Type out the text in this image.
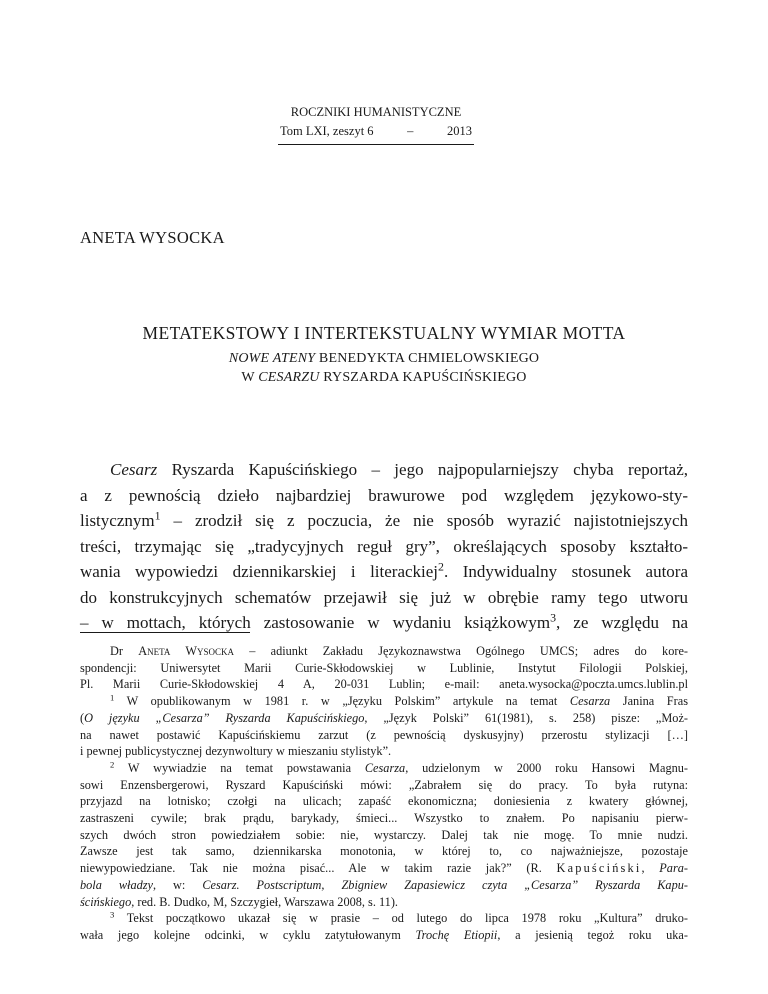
ROCZNIKI HUMANISTYCZNE
Tom LXI, zeszyt 6	–	2013
ANETA WYSOCKA
METATEKSTOWY I INTERTEKSTUALNY WYMIAR MOTTA
NOWE ATENY BENEDYKTA CHMIELOWSKIEGO
W CESARZU RYSZARDA KAPUŚCIŃSKIEGO
Cesarz Ryszarda Kapuścińskiego – jego najpopularniejszy chyba reportaż,
a z pewnością dzieło najbardziej brawurowe pod względem językowo-sty-
listycznym$^1$ – zrodził się z poczucia, że nie sposób wyrazić najistotniejszych
treści, trzymając się „tradycyjnych reguł gry”, określających sposoby kształto-
wania wypowiedzi dziennikarskiej i literackiej$^2$. Indywidualny stosunek autora
do konstrukcyjnych schematów przejawił się już w obrębie ramy tego utworu
– w mottach, których zastosowanie w wydaniu książkowym$^3$, ze względu na
Dr Aneta Wysocka – adiunkt Zakładu Językoznawstwa Ogólnego UMCS; adres do kore-
spondencji: Uniwersytet Marii Curie-Skłodowskiej w Lublinie, Instytut Filologii Polskiej,
Pl. Marii Curie-Skłodowskiej 4 A, 20-031 Lublin; e-mail: aneta.wysocka@poczta.umcs.lublin.pl
$^1$ W opublikowanym w 1981 r. w „Języku Polskim” artykule na temat Cesarza Janina Fras
(O języku „Cesarza” Ryszarda Kapuścińskiego, „Język Polski” 61(1981), s. 258) pisze: „Moż-
na nawet postawić Kapuścińskiemu zarzut (z pewnością dyskusyjny) przerostu stylizacji […]
i pewnej publicystycznej dezynwoltury w mieszaniu stylistyk”.
$^2$ W wywiadzie na temat powstawania Cesarza, udzielonym w 2000 roku Hansowi Magnu-
sowi Enzensbergerowi, Ryszard Kapuściński mówi: „Zabrałem się do pracy. To była rutyna:
przyjazd na lotnisko; czołgi na ulicach; zapaść ekonomiczna; doniesienia z kwatery głównej,
zastraszeni cywile; brak prądu, barykady, śmieci... Wszystko to znałem. Po napisaniu pierw-
szych dwóch stron powiedziałem sobie: nie, wystarczy. Dalej tak nie mogę. To mnie nudzi.
Zawsze jest tak samo, dziennikarska monotonia, w której to, co najważniejsze, pozostaje
niewypowiedziane. Tak nie można pisać... Ale w takim razie jak?” (R. Kapuściński, Para-
bola władzy, w: Cesarz. Postscriptum, Zbigniew Zapasiewicz czyta „Cesarza” Ryszarda Kapu-
ścińskiego, red. B. Dudko, M, Szczygieł, Warszawa 2008, s. 11).
$^3$ Tekst początkowo ukazał się w prasie – od lutego do lipca 1978 roku „Kultura” druko-
wała jego kolejne odcinki, w cyklu zatytułowanym Trochę Etiopii, a jesienią tegoż roku uka-
